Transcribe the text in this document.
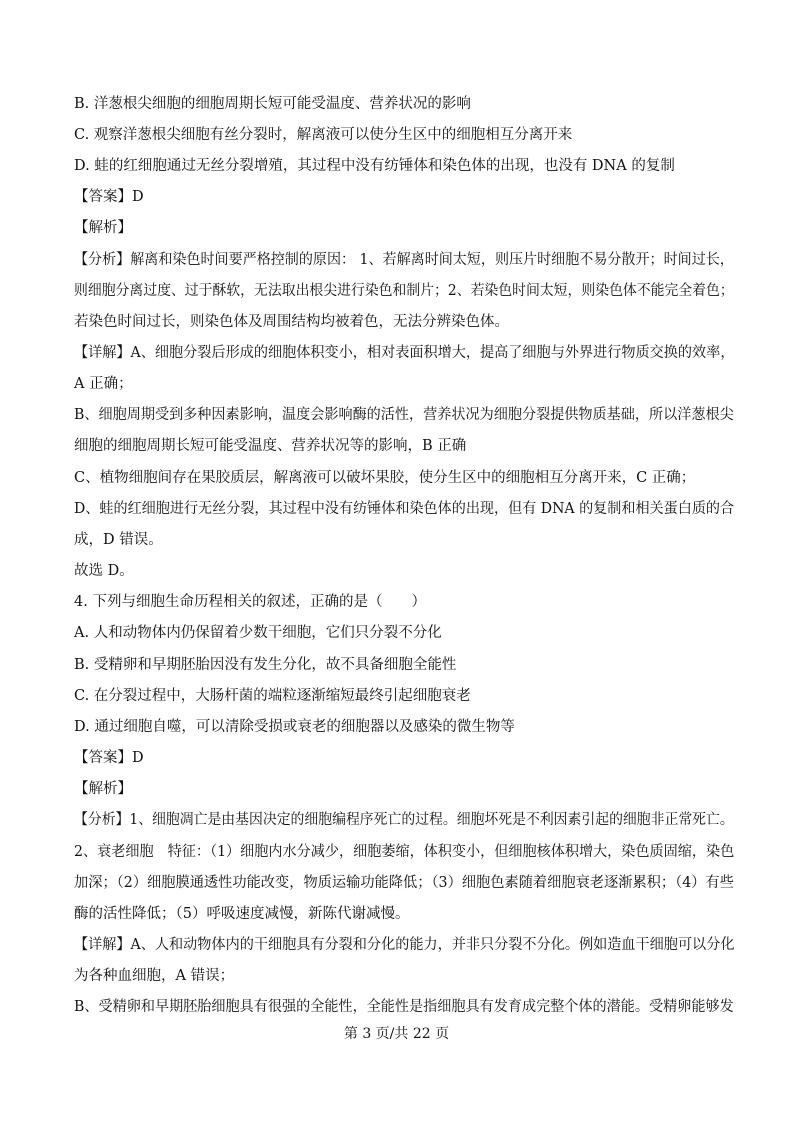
B. 洋葱根尖细胞的细胞周期长短可能受温度、营养状况的影响
C. 观察洋葱根尖细胞有丝分裂时，解离液可以使分生区中的细胞相互分离开来
D. 蛙的红细胞通过无丝分裂增殖，其过程中没有纺锤体和染色体的出现，也没有 DNA 的复制
【答案】D
【解析】
【分析】解离和染色时间要严格控制的原因： 1、若解离时间太短，则压片时细胞不易分散开；时间过长，
则细胞分离过度、过于酥软，无法取出根尖进行染色和制片；2、若染色时间太短，则染色体不能完全着色；
若染色时间过长，则染色体及周围结构均被着色，无法分辨染色体。
【详解】A、细胞分裂后形成的细胞体积变小，相对表面积增大，提高了细胞与外界进行物质交换的效率，
A 正确；
B、细胞周期受到多种因素影响，温度会影响酶的活性，营养状况为细胞分裂提供物质基础，所以洋葱根尖
细胞的细胞周期长短可能受温度、营养状况等的影响，B 正确
C、植物细胞间存在果胶质层，解离液可以破坏果胶，使分生区中的细胞相互分离开来，C 正确；
D、蛙的红细胞进行无丝分裂，其过程中没有纺锤体和染色体的出现，但有 DNA 的复制和相关蛋白质的合
成，D 错误。
故选 D。
4. 下列与细胞生命历程相关的叙述，正确的是（　　）
A. 人和动物体内仍保留着少数干细胞，它们只分裂不分化
B. 受精卵和早期胚胎因没有发生分化，故不具备细胞全能性
C. 在分裂过程中，大肠杆菌的端粒逐渐缩短最终引起细胞衰老
D. 通过细胞自噬，可以清除受损或衰老的细胞器以及感染的微生物等
【答案】D
【解析】
【分析】1、细胞凋亡是由基因决定的细胞编程序死亡的过程。细胞坏死是不利因素引起的细胞非正常死亡。
2、衰老细胞　特征：（1）细胞内水分减少，细胞萎缩，体积变小，但细胞核体积增大，染色质固缩，染色
加深；（2）细胞膜通透性功能改变，物质运输功能降低；（3）细胞色素随着细胞衰老逐渐累积；（4）有些
酶的活性降低；（5）呼吸速度减慢，新陈代谢减慢。
【详解】A、人和动物体内的干细胞具有分裂和分化的能力，并非只分裂不分化。例如造血干细胞可以分化
为各种血细胞，A 错误；
B、受精卵和早期胚胎细胞具有很强的全能性，全能性是指细胞具有发育成完整个体的潜能。受精卵能够发
第 3 页/共 22 页
